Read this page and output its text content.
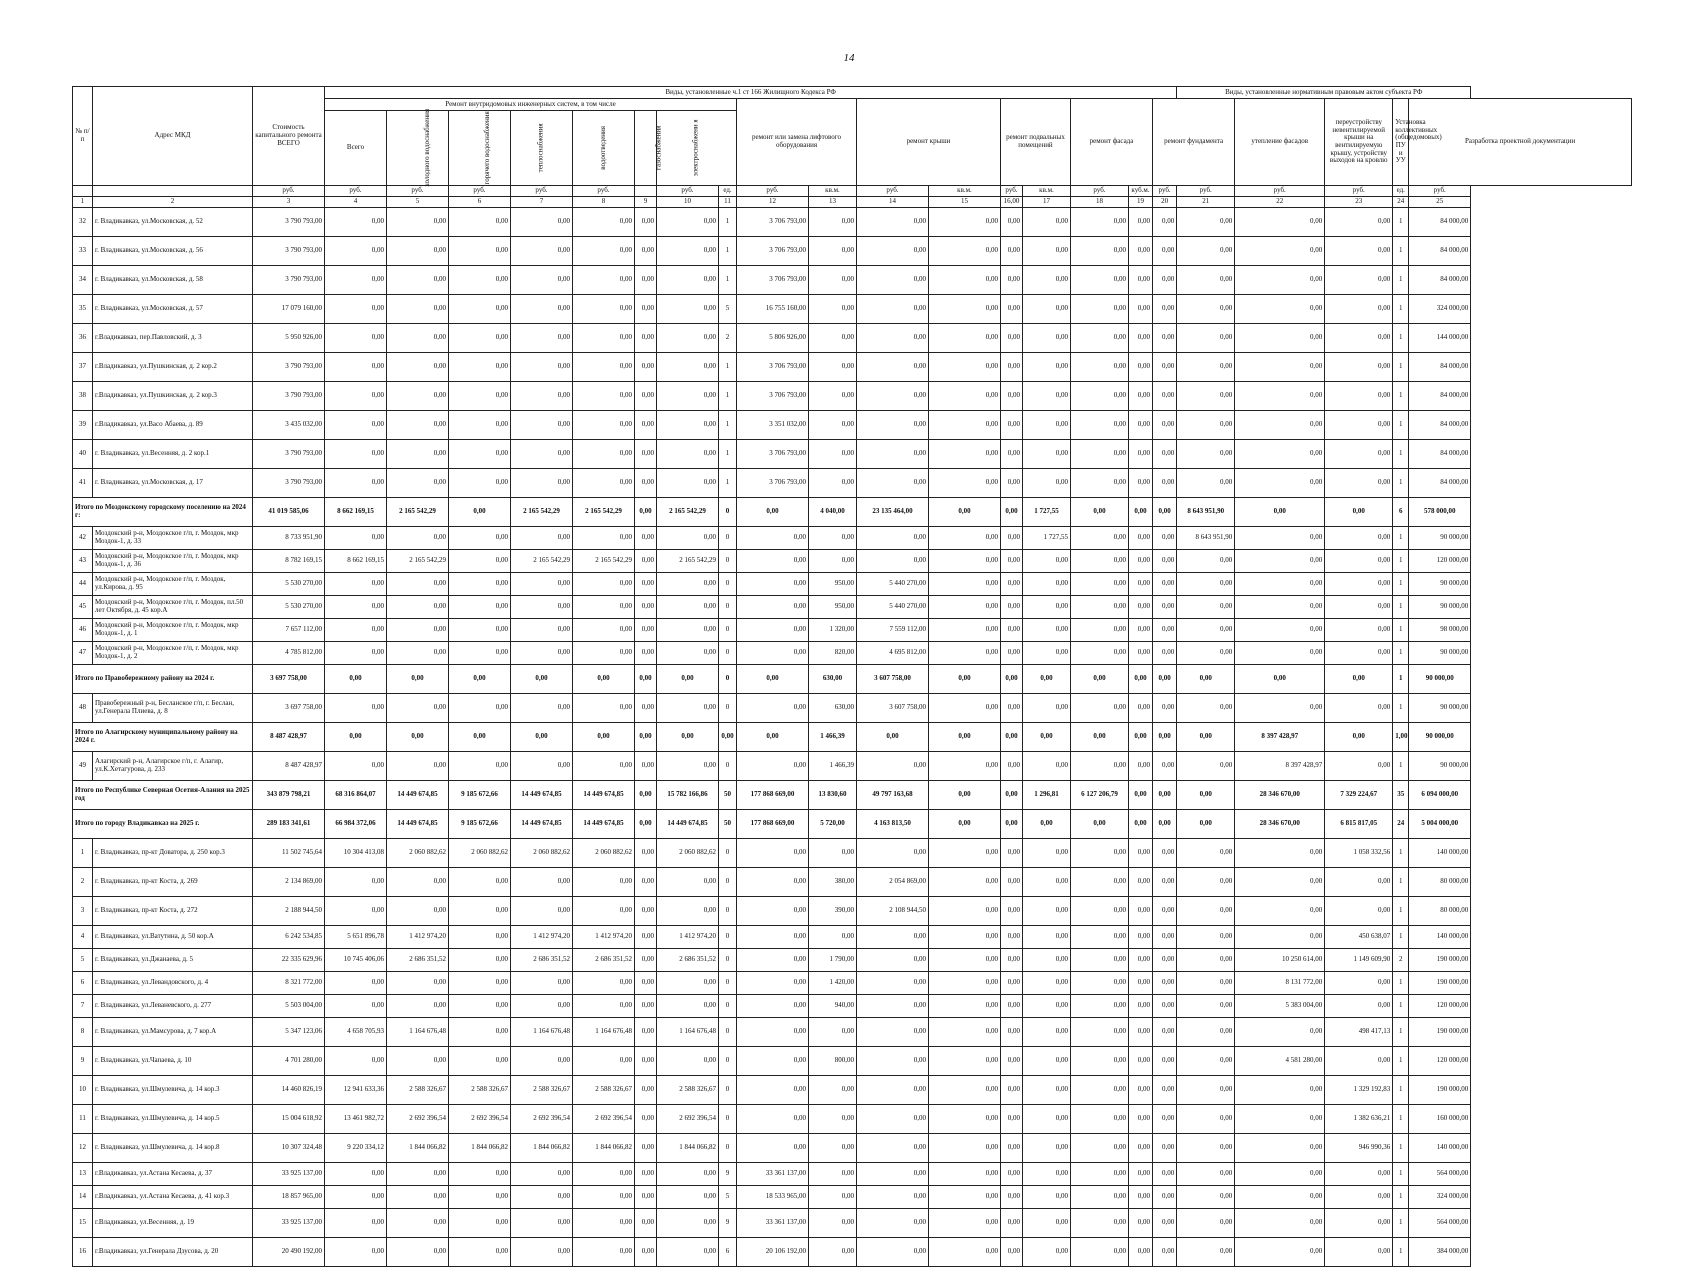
14
№ п/п	Адрес МКД	Стоимость капитального ремонта ВСЕГО	Виды, установленные ч.1 ст 166 Жилищного Кодекса РФ																	Виды, установленные нормативным правовым актом субъекта РФ				
			Ремонт внутридомовых инженерных систем, в том числе								ремонт или замена лифтового оборудования		ремонт крыши		ремонт подвальных помещений		ремонт фасада		ремонт фундамента		утепление фасадов	переустройству невентилируемой крыши на вентилируемую крышу, устройству выходов на кровлю	Установка коллективных (общедомовых) ПУ и УУ	Разработка проектной документации
			Всего	холодного водоснабжения	горячего водоснабжения	теплоснабжения	водоотведения	газоснабжения	электроснабжени я															
		руб.	руб.	руб.	руб.	руб.	руб.		руб.	ед.	руб.	кв.м.	руб.	кв.м.	руб.	кв.м.	руб.	куб.м.	руб.	руб.	руб.	руб.	ед.	руб.
1	2	3	4	5	6	7	8	9	10	11	12	13	14	15	16,00	17	18	19	20	21	22	23	24	25
32	г. Владикавказ, ул.Московская, д. 52	3 790 793,00	0,00	0,00	0,00	0,00	0,00	0,00	0,00	1	3 706 793,00	0,00	0,00	0,00	0,00	0,00	0,00	0,00	0,00	0,00	0,00	0,00	1	84 000,00
33	г. Владикавказ, ул.Московская, д. 56	3 790 793,00	0,00	0,00	0,00	0,00	0,00	0,00	0,00	1	3 706 793,00	0,00	0,00	0,00	0,00	0,00	0,00	0,00	0,00	0,00	0,00	0,00	1	84 000,00
34	г. Владикавказ, ул.Московская, д. 58	3 790 793,00	0,00	0,00	0,00	0,00	0,00	0,00	0,00	1	3 706 793,00	0,00	0,00	0,00	0,00	0,00	0,00	0,00	0,00	0,00	0,00	0,00	1	84 000,00
35	г. Владикавказ, ул.Московская, д. 57	17 079 160,00	0,00	0,00	0,00	0,00	0,00	0,00	0,00	5	16 755 160,00	0,00	0,00	0,00	0,00	0,00	0,00	0,00	0,00	0,00	0,00	0,00	1	324 000,00
36	г.Владикавказ, пер.Павловский, д. 3	5 950 926,00	0,00	0,00	0,00	0,00	0,00	0,00	0,00	2	5 806 926,00	0,00	0,00	0,00	0,00	0,00	0,00	0,00	0,00	0,00	0,00	0,00	1	144 000,00
37	г.Владикавказ, ул.Пушкинская, д. 2 кор.2	3 790 793,00	0,00	0,00	0,00	0,00	0,00	0,00	0,00	1	3 706 793,00	0,00	0,00	0,00	0,00	0,00	0,00	0,00	0,00	0,00	0,00	0,00	1	84 000,00
38	г.Владикавказ, ул.Пушкинская, д. 2 кор.3	3 790 793,00	0,00	0,00	0,00	0,00	0,00	0,00	0,00	1	3 706 793,00	0,00	0,00	0,00	0,00	0,00	0,00	0,00	0,00	0,00	0,00	0,00	1	84 000,00
39	г.Владикавказ, ул.Васо Абаева, д. 89	3 435 032,00	0,00	0,00	0,00	0,00	0,00	0,00	0,00	1	3 351 032,00	0,00	0,00	0,00	0,00	0,00	0,00	0,00	0,00	0,00	0,00	0,00	1	84 000,00
40	г. Владикавказ, ул.Весенняя, д. 2 кор.1	3 790 793,00	0,00	0,00	0,00	0,00	0,00	0,00	0,00	1	3 706 793,00	0,00	0,00	0,00	0,00	0,00	0,00	0,00	0,00	0,00	0,00	0,00	1	84 000,00
41	г. Владикавказ, ул.Московская, д. 17	3 790 793,00	0,00	0,00	0,00	0,00	0,00	0,00	0,00	1	3 706 793,00	0,00	0,00	0,00	0,00	0,00	0,00	0,00	0,00	0,00	0,00	0,00	1	84 000,00
Итого по Моздокскому городскому поселению на 2024 г:		41 019 585,06	8 662 169,15	2 165 542,29	0,00	2 165 542,29	2 165 542,29	0,00	2 165 542,29	0	0,00	4 040,00	23 135 464,00	0,00	0,00	1 727,55	0,00	0,00	0,00	8 643 951,90	0,00	0,00	6	578 000,00
42	Моздокский р-н, Моздокское г/п, г. Моздок, мкр Моздок-1, д. 33	8 733 951,90	0,00	0,00	0,00	0,00	0,00	0,00	0,00	0	0,00	0,00	0,00	0,00	0,00	1 727,55	0,00	0,00	0,00	8 643 951,90	0,00	0,00	1	90 000,00
43	Моздокский р-н, Моздокское г/п, г. Моздок, мкр Моздок-1, д. 36	8 782 169,15	8 662 169,15	2 165 542,29	0,00	2 165 542,29	2 165 542,29	0,00	2 165 542,29	0	0,00	0,00	0,00	0,00	0,00	0,00	0,00	0,00	0,00	0,00	0,00	0,00	1	120 000,00
44	Моздокский р-н, Моздокское г/п, г. Моздок, ул.Кирова, д. 95	5 530 270,00	0,00	0,00	0,00	0,00	0,00	0,00	0,00	0	0,00	950,00	5 440 270,00	0,00	0,00	0,00	0,00	0,00	0,00	0,00	0,00	0,00	1	90 000,00
45	Моздокский р-н, Моздокское г/п, г. Моздок, пл.50 лет Октября, д. 45 кор.А	5 530 270,00	0,00	0,00	0,00	0,00	0,00	0,00	0,00	0	0,00	950,00	5 440 270,00	0,00	0,00	0,00	0,00	0,00	0,00	0,00	0,00	0,00	1	90 000,00
46	Моздокский р-н, Моздокское г/п, г. Моздок, мкр Моздок-1, д. 1	7 657 112,00	0,00	0,00	0,00	0,00	0,00	0,00	0,00	0	0,00	1 320,00	7 559 112,00	0,00	0,00	0,00	0,00	0,00	0,00	0,00	0,00	0,00	1	98 000,00
47	Моздокский р-н, Моздокское г/п, г. Моздок, мкр Моздок-1, д. 2	4 785 812,00	0,00	0,00	0,00	0,00	0,00	0,00	0,00	0	0,00	820,00	4 695 812,00	0,00	0,00	0,00	0,00	0,00	0,00	0,00	0,00	0,00	1	90 000,00
Итого по Правобережному району на 2024 г.		3 697 758,00	0,00	0,00	0,00	0,00	0,00	0,00	0,00	0	0,00	630,00	3 607 758,00	0,00	0,00	0,00	0,00	0,00	0,00	0,00	0,00	0,00	1	90 000,00
48	Правобережный р-н, Бесланское г/п, г. Беслан, ул.Генерала Плиева, д. 8	3 697 758,00	0,00	0,00	0,00	0,00	0,00	0,00	0,00	0	0,00	630,00	3 607 758,00	0,00	0,00	0,00	0,00	0,00	0,00	0,00	0,00	0,00	1	90 000,00
Итого по Алагирскому муниципальному району на 2024 г.		8 487 428,97	0,00	0,00	0,00	0,00	0,00	0,00	0,00	0,00	0,00	1 466,39	0,00	0,00	0,00	0,00	0,00	0,00	0,00	0,00	8 397 428,97	0,00	1,00	90 000,00
49	Алагирский р-н, Алагирское г/п, г. Алагир, ул.К.Хетагурова, д. 233	8 487 428,97	0,00	0,00	0,00	0,00	0,00	0,00	0,00	0	0,00	1 466,39	0,00	0,00	0,00	0,00	0,00	0,00	0,00	0,00	8 397 428,97	0,00	1	90 000,00
Итого по Республике Северная Осетия-Алания на 2025 год		343 879 798,21	68 316 864,07	14 449 674,85	9 185 672,66	14 449 674,85	14 449 674,85	0,00	15 782 166,86	50	177 868 669,00	13 830,60	49 797 163,68	0,00	0,00	1 296,81	6 127 206,79	0,00	0,00	0,00	28 346 670,00	7 329 224,67	35	6 094 000,00
Итого по городу Владикавказ на 2025 г.		289 183 341,61	66 984 372,06	14 449 674,85	9 185 672,66	14 449 674,85	14 449 674,85	0,00	14 449 674,85	50	177 868 669,00	5 720,00	4 163 813,50	0,00	0,00	0,00	0,00	0,00	0,00	0,00	28 346 670,00	6 815 817,05	24	5 004 000,00
1	г. Владикавказ, пр-кт Доватора, д. 250 кор.3	11 502 745,64	10 304 413,08	2 060 882,62	2 060 882,62	2 060 882,62	2 060 882,62	0,00	2 060 882,62	0	0,00	0,00	0,00	0,00	0,00	0,00	0,00	0,00	0,00	0,00	0,00	1 058 332,56	1	140 000,00
2	г. Владикавказ, пр-кт Коста, д. 269	2 134 869,00	0,00	0,00	0,00	0,00	0,00	0,00	0,00	0	0,00	380,00	2 054 869,00	0,00	0,00	0,00	0,00	0,00	0,00	0,00	0,00	0,00	1	80 000,00
3	г. Владикавказ, пр-кт Коста, д. 272	2 188 944,50	0,00	0,00	0,00	0,00	0,00	0,00	0,00	0	0,00	390,00	2 108 944,50	0,00	0,00	0,00	0,00	0,00	0,00	0,00	0,00	0,00	1	80 000,00
4	г. Владикавказ, ул.Ватутина, д. 50 кор.А	6 242 534,85	5 651 896,78	1 412 974,20	0,00	1 412 974,20	1 412 974,20	0,00	1 412 974,20	0	0,00	0,00	0,00	0,00	0,00	0,00	0,00	0,00	0,00	0,00	0,00	450 638,07	1	140 000,00
5	г. Владикавказ, ул.Джанаева, д. 5	22 335 629,96	10 745 406,06	2 686 351,52	0,00	2 686 351,52	2 686 351,52	0,00	2 686 351,52	0	0,00	1 790,00	0,00	0,00	0,00	0,00	0,00	0,00	0,00	0,00	10 250 614,00	1 149 609,90	2	190 000,00
6	г. Владикавказ, ул.Левандовского, д. 4	8 321 772,00	0,00	0,00	0,00	0,00	0,00	0,00	0,00	0	0,00	1 420,00	0,00	0,00	0,00	0,00	0,00	0,00	0,00	0,00	8 131 772,00	0,00	1	190 000,00
7	г. Владикавказ, ул.Леваневского, д. 277	5 503 004,00	0,00	0,00	0,00	0,00	0,00	0,00	0,00	0	0,00	940,00	0,00	0,00	0,00	0,00	0,00	0,00	0,00	0,00	5 383 004,00	0,00	1	120 000,00
8	г. Владикавказ, ул.Мамсурова, д. 7 кор.А	5 347 123,06	4 658 705,93	1 164 676,48	0,00	1 164 676,48	1 164 676,48	0,00	1 164 676,48	0	0,00	0,00	0,00	0,00	0,00	0,00	0,00	0,00	0,00	0,00	0,00	498 417,13	1	190 000,00
9	г. Владикавказ, ул.Чапаева, д. 10	4 701 280,00	0,00	0,00	0,00	0,00	0,00	0,00	0,00	0	0,00	800,00	0,00	0,00	0,00	0,00	0,00	0,00	0,00	0,00	4 581 280,00	0,00	1	120 000,00
10	г. Владикавказ, ул.Шмулевича, д. 14 кор.3	14 460 826,19	12 941 633,36	2 588 326,67	2 588 326,67	2 588 326,67	2 588 326,67	0,00	2 588 326,67	0	0,00	0,00	0,00	0,00	0,00	0,00	0,00	0,00	0,00	0,00	0,00	1 329 192,83	1	190 000,00
11	г. Владикавказ, ул.Шмулевича, д. 14 кор.5	15 004 618,92	13 461 982,72	2 692 396,54	2 692 396,54	2 692 396,54	2 692 396,54	0,00	2 692 396,54	0	0,00	0,00	0,00	0,00	0,00	0,00	0,00	0,00	0,00	0,00	0,00	1 382 636,21	1	160 000,00
12	г. Владикавказ, ул.Шмулевича, д. 14 кор.8	10 307 324,48	9 220 334,12	1 844 066,82	1 844 066,82	1 844 066,82	1 844 066,82	0,00	1 844 066,82	0	0,00	0,00	0,00	0,00	0,00	0,00	0,00	0,00	0,00	0,00	0,00	946 990,36	1	140 000,00
13	г.Владикавказ, ул.Астана Кесаева, д. 37	33 925 137,00	0,00	0,00	0,00	0,00	0,00	0,00	0,00	9	33 361 137,00	0,00	0,00	0,00	0,00	0,00	0,00	0,00	0,00	0,00	0,00	0,00	1	564 000,00
14	г.Владикавказ, ул.Астана Кесаева, д. 41 кор.3	18 857 965,00	0,00	0,00	0,00	0,00	0,00	0,00	0,00	5	18 533 965,00	0,00	0,00	0,00	0,00	0,00	0,00	0,00	0,00	0,00	0,00	0,00	1	324 000,00
15	г.Владикавказ, ул.Весенняя, д. 19	33 925 137,00	0,00	0,00	0,00	0,00	0,00	0,00	0,00	9	33 361 137,00	0,00	0,00	0,00	0,00	0,00	0,00	0,00	0,00	0,00	0,00	0,00	1	564 000,00
16	г.Владикавказ, ул.Генерала Дзусова, д. 20	20 490 192,00	0,00	0,00	0,00	0,00	0,00	0,00	0,00	6	20 106 192,00	0,00	0,00	0,00	0,00	0,00	0,00	0,00	0,00	0,00	0,00	0,00	1	384 000,00
